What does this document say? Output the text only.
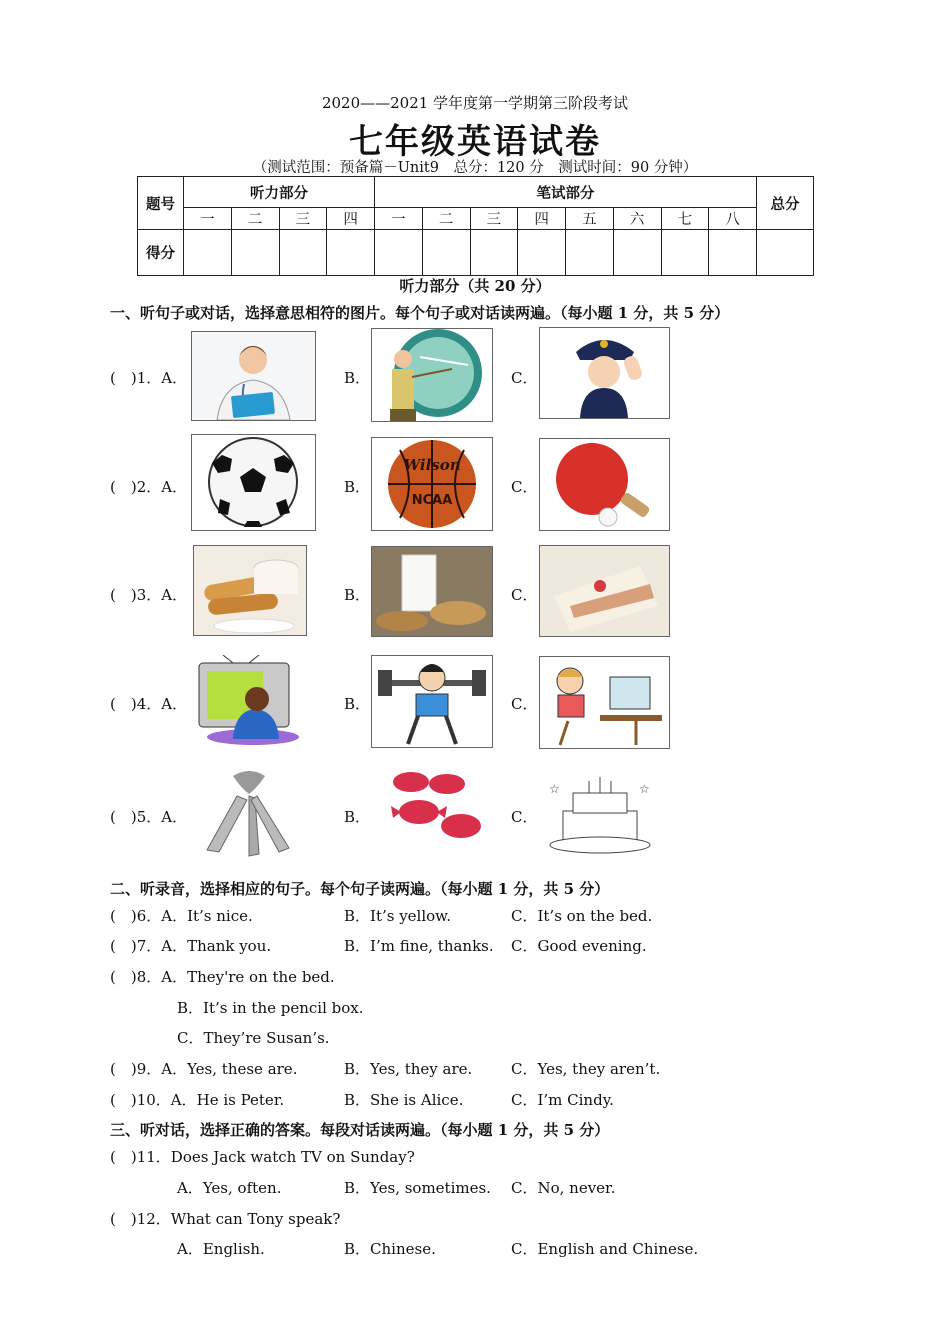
2020——2021 学年度第一学期第三阶段考试
七年级英语试卷
（测试范围：预备篇－Unit9　总分：120 分　测试时间：90 分钟）
题号	听力部分				笔试部分								总分
	一	二	三	四	一	二	三	四	五	六	七	八	
得分													
听力部分（共 20 分）
一、听句子或对话，选择意思相符的图片。每个句子或对话读两遍。（每小题 1 分，共 5 分）
(　)1．A．	B．	C．
(　)2．A．	B．	C．
Wilson
NCAA
(　)3．A．	B．	C．
(　)4．A．	B．	C．
(　)5．A．	B．	C．
☆	☆
二、听录音，选择相应的句子。每个句子读两遍。（每小题 1 分，共 5 分）
(　)6．A．It’s nice.	B．It’s yellow.	C．It’s on the bed.
(　)7．A．Thank you.	B．I’m fine, thanks. C．Good evening.
(　)8．A．They're on the bed.
B．It’s in the pencil box.
C．They’re Susan’s.
(　)9．A．Yes, these are.	B．Yes, they are.	C．Yes, they aren’t.
(　)10．A．He is Peter.	B．She is Alice.	C．I’m Cindy.
三、听对话，选择正确的答案。每段对话读两遍。（每小题 1 分，共 5 分）
(　)11．Does Jack watch TV on Sunday?
A．Yes, often.	B．Yes, sometimes. C．No, never.
(　)12．What can Tony speak?
A．English.	B．Chinese.	C．English and Chinese.
